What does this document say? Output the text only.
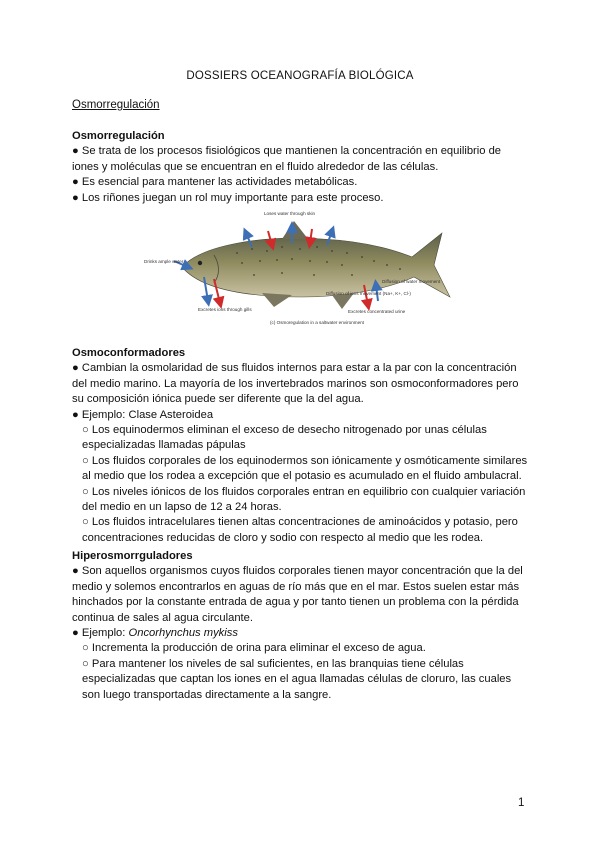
DOSSIERS OCEANOGRAFÍA BIOLÓGICA
Osmorregulación

Osmorregulación

● Se trata de los procesos fisiológicos que mantienen la concentración en equilibrio de iones y moléculas que se encuentran en el fluido alrededor de las células.

● Es esencial para mantener las actividades metabólicas.

● Los riñones juegan un rol muy importante para este proceso.

Loses water through skin
Drinks ample water
Excretes ions through gills
Diffusion of ions movement (Na+, K+, Cl-)
Diffusion of water movement
Excretes concentrated urine
(c) Osmoregulation in a saltwater environment

Osmoconformadores

● Cambian la osmolaridad de sus fluidos internos para estar a la par con la concentración del medio marino. La mayoría de los invertebrados marinos son osmoconformadores pero su composición iónica puede ser diferente que la del agua.

● Ejemplo: Clase Asteroidea

○ Los equinodermos eliminan el exceso de desecho nitrogenado por unas células especializadas llamadas pápulas

○ Los fluidos corporales de los equinodermos son iónicamente y osmóticamente similares al medio que los rodea a excepción que el potasio es acumulado en el fluido ambulacral.

○ Los niveles iónicos de los fluidos corporales entran en equilibrio con cualquier variación del medio en un lapso de 12 a 24 horas.

○ Los fluidos intracelulares tienen altas concentraciones de aminoácidos y potasio, pero concentraciones reducidas de cloro y sodio con respecto al medio que les rodea.

Hiperosmorrguladores

● Son aquellos organismos cuyos fluidos corporales tienen mayor concentración que la del medio y solemos encontrarlos en aguas de río más que en el mar. Estos suelen estar más hinchados por la constante entrada de agua y por tanto tienen un problema con la pérdida continua de sales al agua circulante.

● Ejemplo: Oncorhynchus mykiss

○ Incrementa la producción de orina para eliminar el exceso de agua.

○ Para mantener los niveles de sal suficientes, en las branquias tiene células especializadas que captan los iones en el agua llamadas células de cloruro, las cuales son luego transportadas directamente a la sangre.

1
